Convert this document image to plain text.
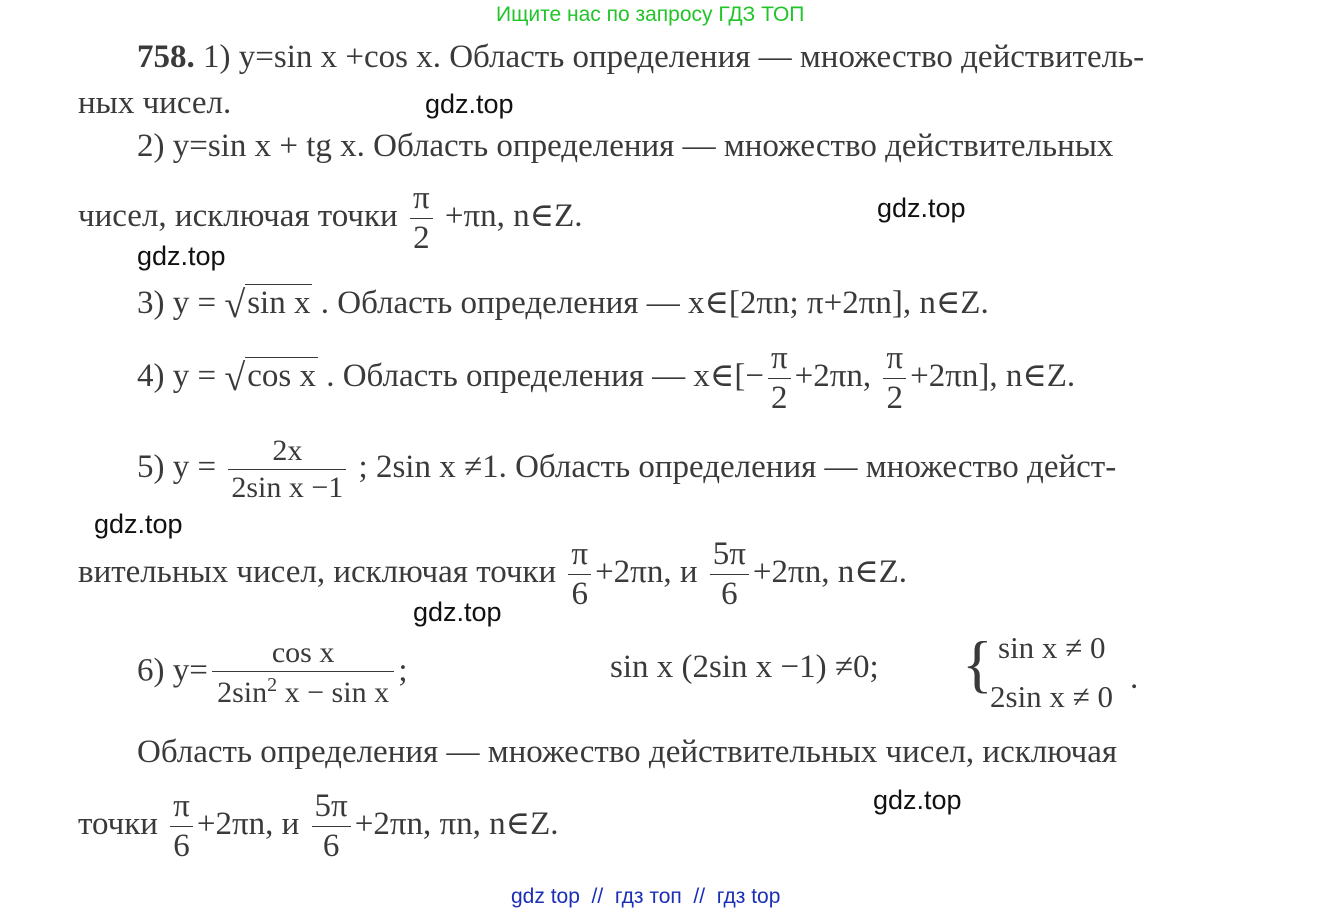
Ищите нас по запросу ГДЗ ТОП
758. 1) y=sin x +cos x. Область определения — множество действитель-
ных чисел.
2) y=sin x + tg x. Область определения — множество действительных
чисел, исключая точки $\frac{\pi}{2} +\pi n$, n∈Z.
3) y = √sin x . Область определения — x∈[2πn; π+2πn], n∈Z.
4) y = √cos x . Область определения — x∈[− $\frac{\pi}{2} +2\pi n$, $\frac{\pi}{2} +2\pi n$], n∈Z.
5) $y = \frac{2x}{\text{2sin x −1}}$ ; 2sin x ≠1. Область определения — множество дейст-
вительных чисел, исключая точки $\frac{\pi}{6} +2\pi n$, и $\frac{5\pi}{6} +2\pi n$, n∈Z.
6) $y= \frac{\text{cos x}}{2\sin^2 x - \sin x}$ ;	sin x (2sin x −1) ≠0; { sin x ≠ 0
2sin x ≠ 0
.
Область определения — множество действительных чисел, исключая
точки $\frac{\pi}{6} +2\pi n$, и $\frac{5\pi}{6} +2\pi n$, πn, n∈Z.
gdz.top
gdz.top
gdz.top
gdz.top
gdz.top
gdz.top
gdz top  //  гдз топ  //  гдз top
